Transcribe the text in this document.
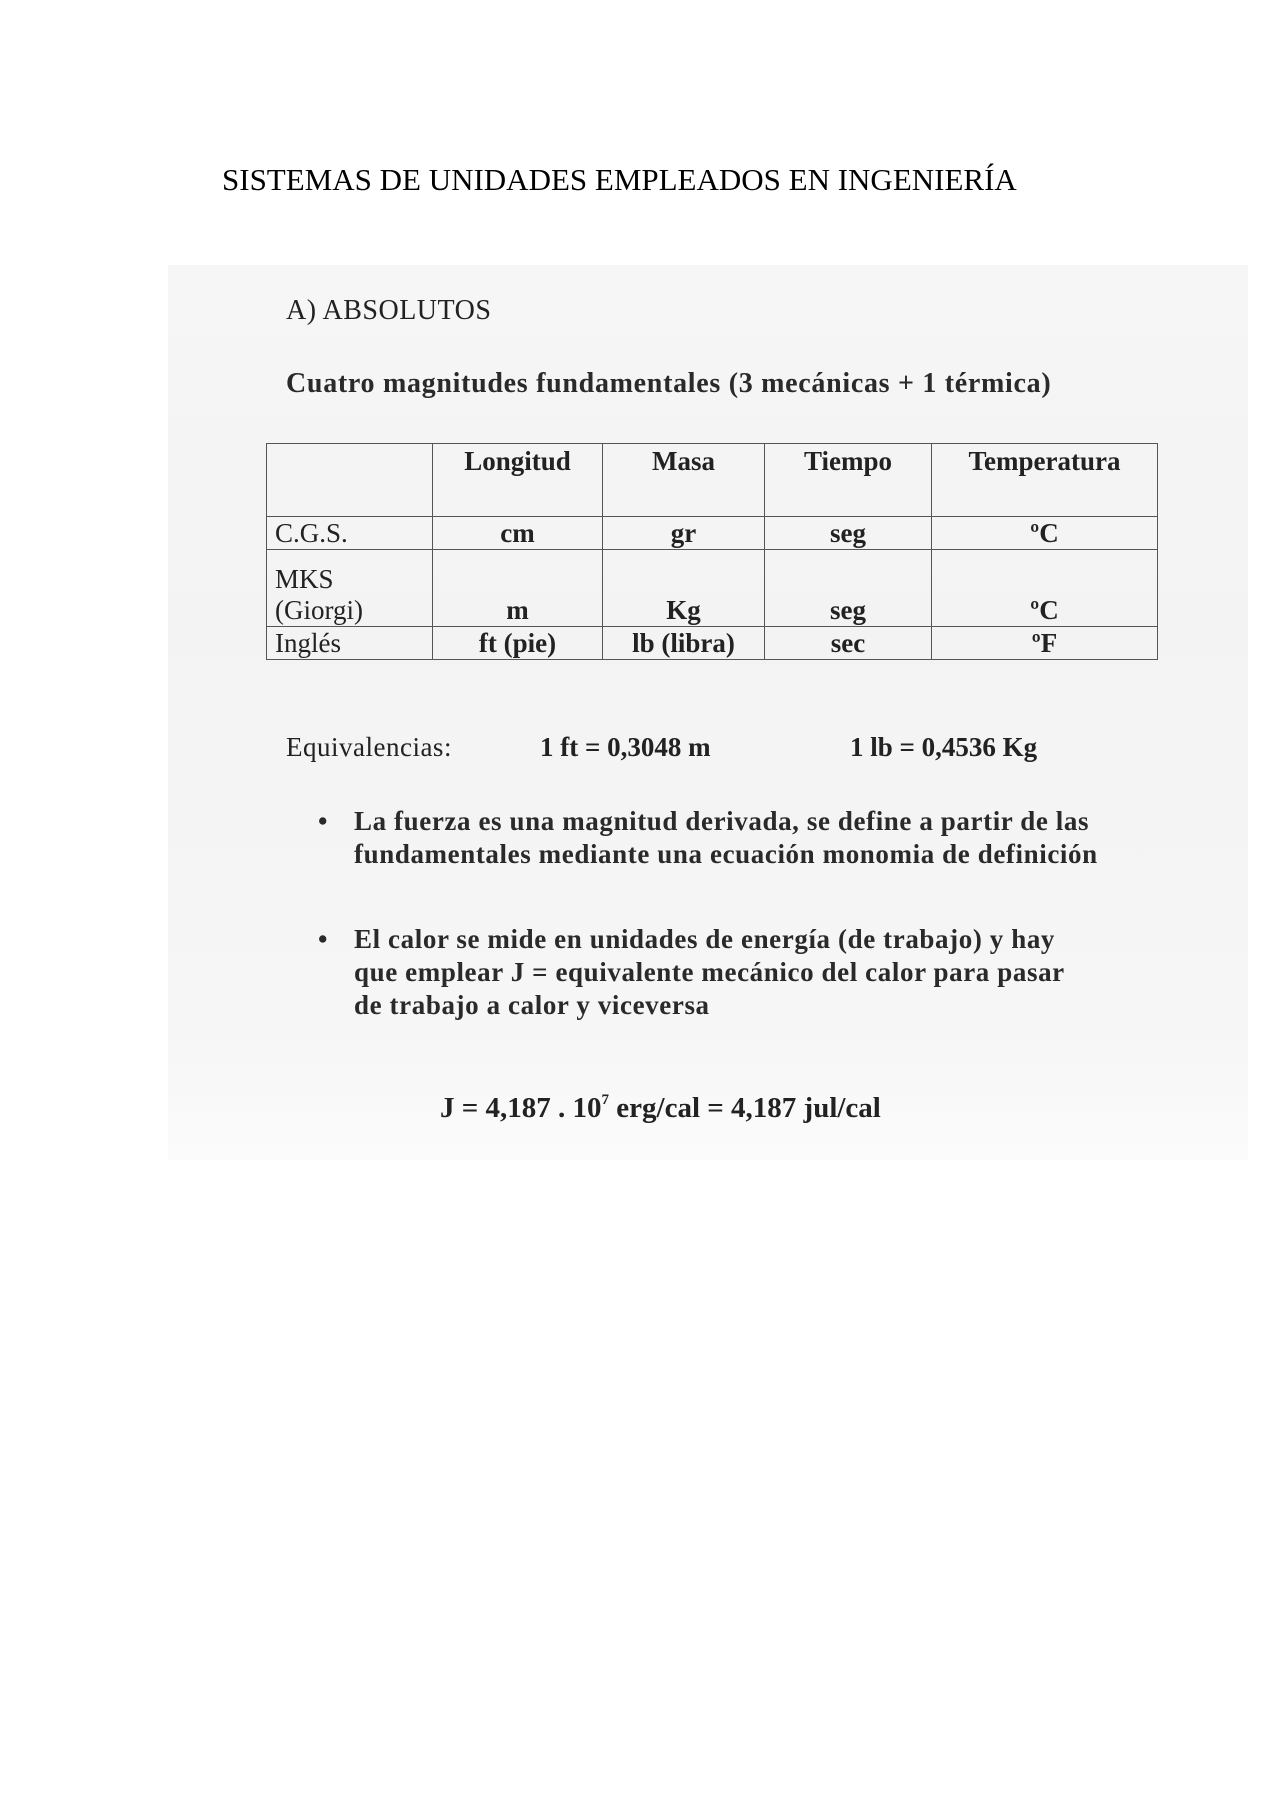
SISTEMAS DE UNIDADES EMPLEADOS EN INGENIERÍA
A) ABSOLUTOS

Cuatro magnitudes fundamentales (3 mecánicas + 1 térmica)

	Longitud	Masa	Tiempo	Temperatura
C.G.S.	cm	gr	seg	ºC
MKS
(Giorgi)	m	Kg	seg	ºC
Inglés	ft (pie)	lb (libra)	sec	ºF

Equivalencias:	1 ft = 0,3048 m	1 lb = 0,4536 Kg

• La fuerza es una magnitud derivada, se define a partir de las fundamentales mediante una ecuación monomia de definición
• El calor se mide en unidades de energía (de trabajo) y hay que emplear J = equivalente mecánico del calor para pasar de trabajo a calor y viceversa

J = 4,187 . $10^7$ erg/cal = 4,187 jul/cal
